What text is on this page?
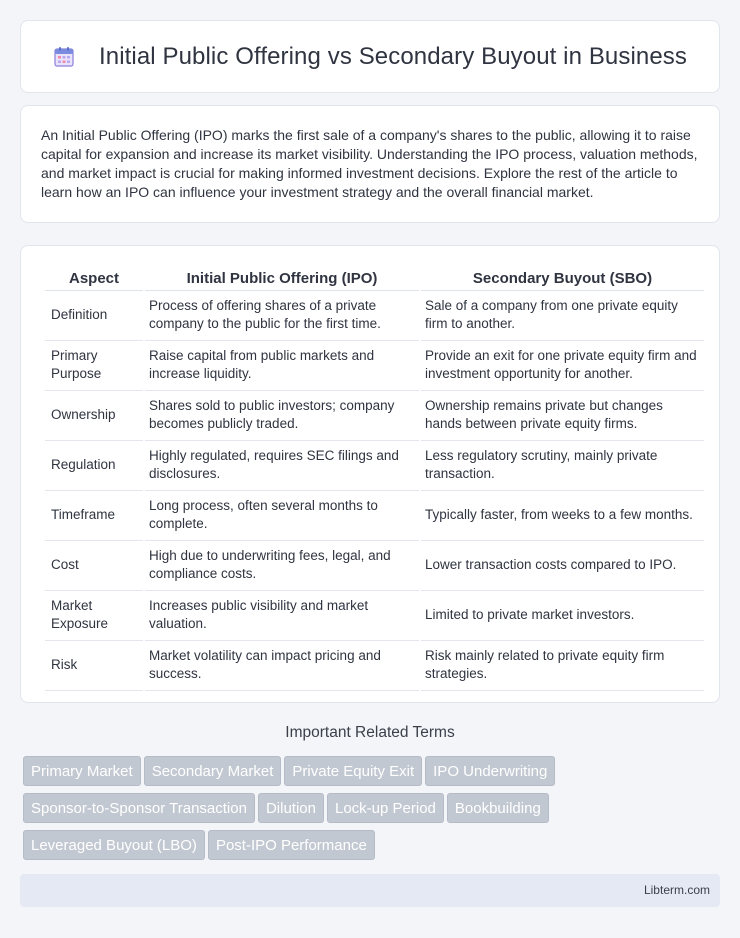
Initial Public Offering vs Secondary Buyout in Business

An Initial Public Offering (IPO) marks the first sale of a company's shares to the public, allowing it to raise capital for expansion and increase its market visibility. Understanding the IPO process, valuation methods, and market impact is crucial for making informed investment decisions. Explore the rest of the article to learn how an IPO can influence your investment strategy and the overall financial market.

Aspect	Initial Public Offering (IPO)	Secondary Buyout (SBO)
Definition	Process of offering shares of a private company to the public for the first time.	Sale of a company from one private equity firm to another.
Primary Purpose	Raise capital from public markets and increase liquidity.	Provide an exit for one private equity firm and investment opportunity for another.
Ownership	Shares sold to public investors; company becomes publicly traded.	Ownership remains private but changes hands between private equity firms.
Regulation	Highly regulated, requires SEC filings and disclosures.	Less regulatory scrutiny, mainly private transaction.
Timeframe	Long process, often several months to complete.	Typically faster, from weeks to a few months.
Cost	High due to underwriting fees, legal, and compliance costs.	Lower transaction costs compared to IPO.
Market Exposure	Increases public visibility and market valuation.	Limited to private market investors.
Risk	Market volatility can impact pricing and success.	Risk mainly related to private equity firm strategies.
Important Related Terms
Primary Market Secondary Market Private Equity Exit IPO Underwriting
Sponsor-to-Sponsor Transaction Dilution Lock-up Period Bookbuilding
Leveraged Buyout (LBO) Post-IPO Performance
Libterm.com
